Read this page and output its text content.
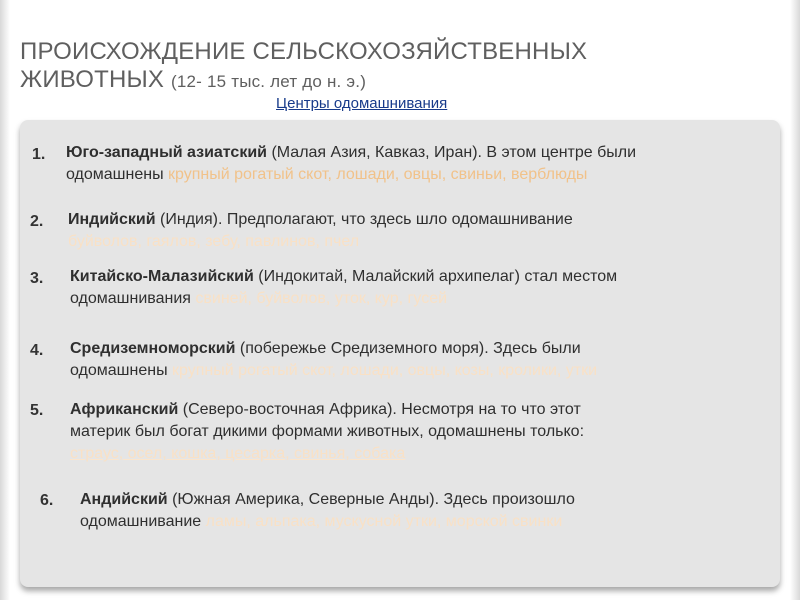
ПРОИСХОЖДЕНИЕ СЕЛЬСКОХОЗЯЙСТВЕННЫХ
ЖИВОТНЫХ (12- 15 тыс. лет до н. э.)
Центры одомашнивания
1. Юго-западный азиатский (Малая Азия, Кавказ, Иран). В этом центре были
одомашнены крупный рогатый скот, лошади, овцы, свиньи, верблюды
2. Индийский (Индия). Предполагают, что здесь шло одомашнивание
буйволов, гаялов, зебу, павлинов, пчел
3. Китайско-Малазийский (Индокитай, Малайский архипелаг) стал местом
одомашнивания свиней, буйволов, уток, кур, гусей
4. Средиземноморский (побережье Средиземного моря). Здесь были
одомашнены крупный рогатый скот, лошади, овцы, козы, кролики, утки
5. Африканский (Северо-восточная Африка). Несмотря на то что этот
материк был богат дикими формами животных, одомашнены только:
страус, осел, кошка, цесарка, свинья, собака
6. Андийский (Южная Америка, Северные Анды). Здесь произошло
одомашнивание ламы, альпака, мускусной утки, морской свинки
